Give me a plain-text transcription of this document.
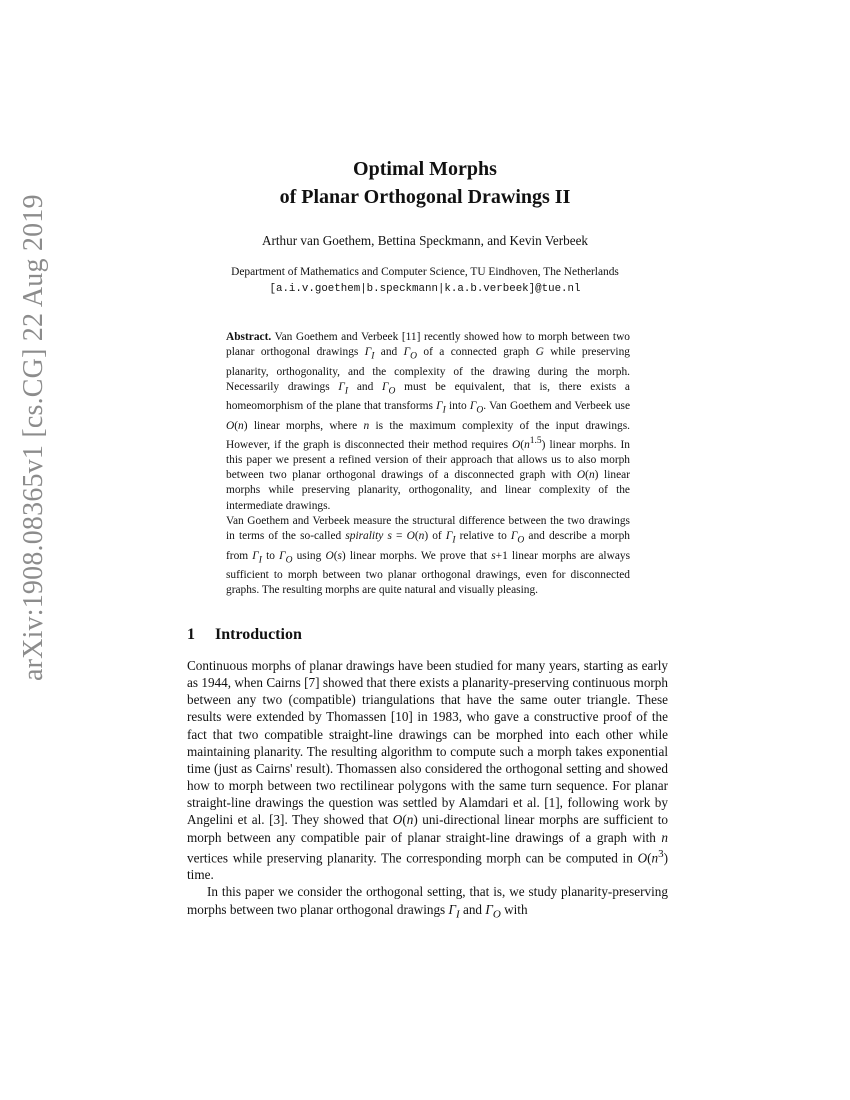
arXiv:1908.08365v1 [cs.CG] 22 Aug 2019
Optimal Morphs
of Planar Orthogonal Drawings II
Arthur van Goethem, Bettina Speckmann, and Kevin Verbeek
Department of Mathematics and Computer Science, TU Eindhoven, The Netherlands
[a.i.v.goethem|b.speckmann|k.a.b.verbeek]@tue.nl

Abstract. Van Goethem and Verbeek [11] recently showed how to morph between two planar orthogonal drawings $\Gamma_I$ and $\Gamma_O$ of a connected graph G while preserving planarity, orthogonality, and the complexity of the drawing during the morph. Necessarily drawings $\Gamma_I$ and $\Gamma_O$ must be equivalent, that is, there exists a homeomorphism of the plane that transforms $\Gamma_I$ into $\Gamma_O$. Van Goethem and Verbeek use O(n) linear morphs, where n is the maximum complexity of the input drawings. However, if the graph is disconnected their method requires $O(n^{1.5})$ linear morphs. In this paper we present a refined version of their approach that allows us to also morph between two planar orthogonal drawings of a disconnected graph with O(n) linear morphs while preserving planarity, orthogonality, and linear complexity of the intermediate drawings.

Van Goethem and Verbeek measure the structural difference between the two drawings in terms of the so-called spirality s = O(n) of $\Gamma_I$ relative to $\Gamma_O$ and describe a morph from $\Gamma_I$ to $\Gamma_O$ using O(s) linear morphs. We prove that s+1 linear morphs are always sufficient to morph between two planar orthogonal drawings, even for disconnected graphs. The resulting morphs are quite natural and visually pleasing.

1 Introduction

Continuous morphs of planar drawings have been studied for many years, starting as early as 1944, when Cairns [7] showed that there exists a planarity-preserving continuous morph between any two (compatible) triangulations that have the same outer triangle. These results were extended by Thomassen [10] in 1983, who gave a constructive proof of the fact that two compatible straight-line drawings can be morphed into each other while maintaining planarity. The resulting algorithm to compute such a morph takes exponential time (just as Cairns' result). Thomassen also considered the orthogonal setting and showed how to morph between two rectilinear polygons with the same turn sequence. For planar straight-line drawings the question was settled by Alamdari et al. [1], following work by Angelini et al. [3]. They showed that O(n) uni-directional linear morphs are sufficient to morph between any compatible pair of planar straight-line drawings of a graph with n vertices while preserving planarity. The corresponding morph can be computed in $O(n^3)$ time.

In this paper we consider the orthogonal setting, that is, we study planarity-preserving morphs between two planar orthogonal drawings $\Gamma_I$ and $\Gamma_O$ with
